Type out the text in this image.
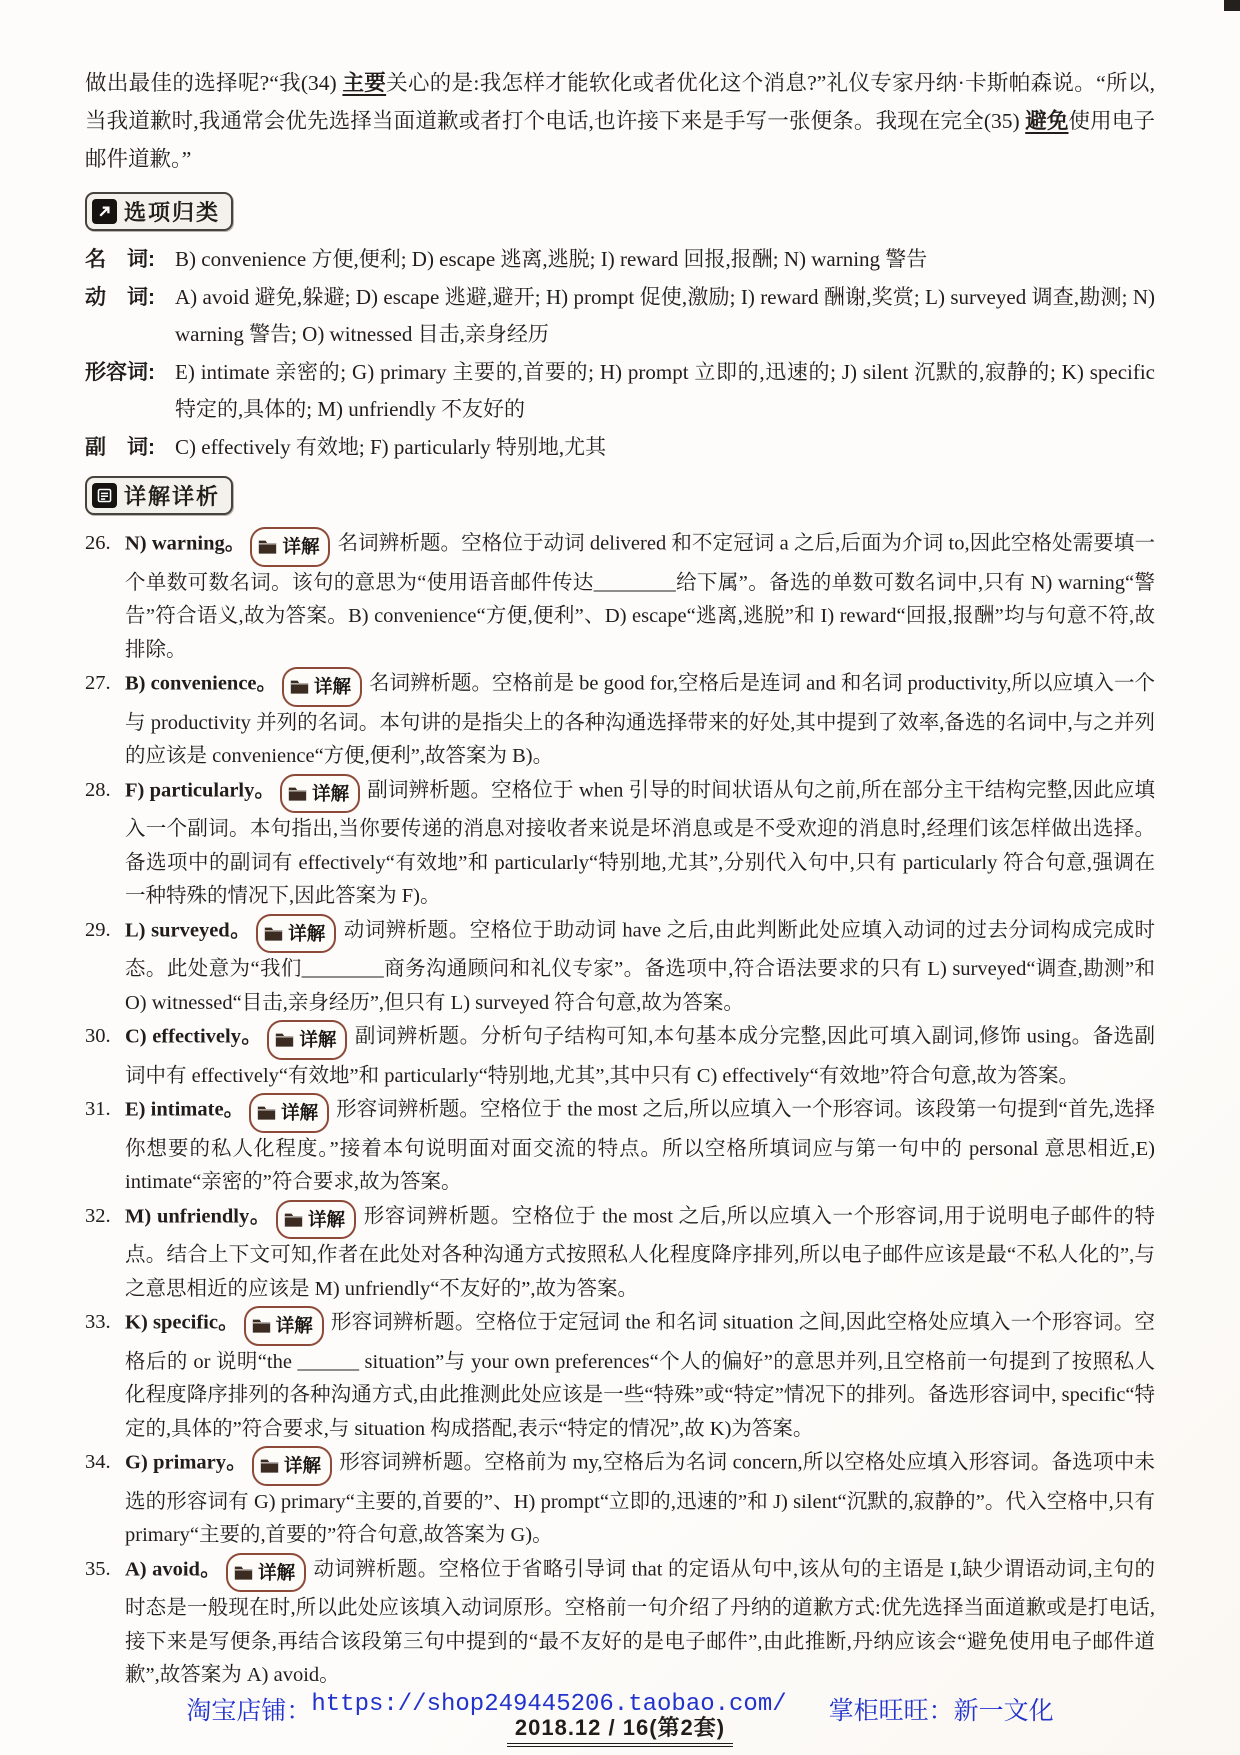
做出最佳的选择呢?“我(34) 主要关心的是:我怎样才能软化或者优化这个消息?”礼仪专家丹纳·卡斯帕森说。“所以,当我道歉时,我通常会优先选择当面道歉或者打个电话,也许接下来是手写一张便条。我现在完全(35) 避免使用电子邮件道歉。”

选项归类
名　词: B) convenience 方便,便利; D) escape 逃离,逃脱; I) reward 回报,报酬; N) warning 警告
动　词: A) avoid 避免,躲避; D) escape 逃避,避开; H) prompt 促使,激励; I) reward 酬谢,奖赏; L) surveyed 调查,勘测; N) warning 警告; O) witnessed 目击,亲身经历
形容词: E) intimate 亲密的; G) primary 主要的,首要的; H) prompt 立即的,迅速的; J) silent 沉默的,寂静的; K) specific 特定的,具体的; M) unfriendly 不友好的
副　词: C) effectively 有效地; F) particularly 特别地,尤其
详解详析
26. N) warning。 详解 名词辨析题。空格位于动词 delivered 和不定冠词 a 之后,后面为介词 to,因此空格处需要填一个单数可数名词。该句的意思为“使用语音邮件传达________给下属”。备选的单数可数名词中,只有 N) warning“警告”符合语义,故为答案。B) convenience“方便,便利”、D) escape“逃离,逃脱”和 I) reward“回报,报酬”均与句意不符,故排除。
27. B) convenience。 详解 名词辨析题。空格前是 be good for,空格后是连词 and 和名词 productivity,所以应填入一个与 productivity 并列的名词。本句讲的是指尖上的各种沟通选择带来的好处,其中提到了效率,备选的名词中,与之并列的应该是 convenience“方便,便利”,故答案为 B)。
28. F) particularly。 详解 副词辨析题。空格位于 when 引导的时间状语从句之前,所在部分主干结构完整,因此应填入一个副词。本句指出,当你要传递的消息对接收者来说是坏消息或是不受欢迎的消息时,经理们该怎样做出选择。备选项中的副词有 effectively“有效地”和 particularly“特别地,尤其”,分别代入句中,只有 particularly 符合句意,强调在一种特殊的情况下,因此答案为 F)。
29. L) surveyed。 详解 动词辨析题。空格位于助动词 have 之后,由此判断此处应填入动词的过去分词构成完成时态。此处意为“我们________商务沟通顾问和礼仪专家”。备选项中,符合语法要求的只有 L) surveyed“调查,勘测”和 O) witnessed“目击,亲身经历”,但只有 L) surveyed 符合句意,故为答案。
30. C) effectively。 详解 副词辨析题。分析句子结构可知,本句基本成分完整,因此可填入副词,修饰 using。备选副词中有 effectively“有效地”和 particularly“特别地,尤其”,其中只有 C) effectively“有效地”符合句意,故为答案。
31. E) intimate。 详解 形容词辨析题。空格位于 the most 之后,所以应填入一个形容词。该段第一句提到“首先,选择你想要的私人化程度。”接着本句说明面对面交流的特点。所以空格所填词应与第一句中的 personal 意思相近,E) intimate“亲密的”符合要求,故为答案。
32. M) unfriendly。 详解 形容词辨析题。空格位于 the most 之后,所以应填入一个形容词,用于说明电子邮件的特点。结合上下文可知,作者在此处对各种沟通方式按照私人化程度降序排列,所以电子邮件应该是最“不私人化的”,与之意思相近的应该是 M) unfriendly“不友好的”,故为答案。
33. K) specific。 详解 形容词辨析题。空格位于定冠词 the 和名词 situation 之间,因此空格处应填入一个形容词。空格后的 or 说明“the ______ situation”与 your own preferences“个人的偏好”的意思并列,且空格前一句提到了按照私人化程度降序排列的各种沟通方式,由此推测此处应该是一些“特殊”或“特定”情况下的排列。备选形容词中, specific“特定的,具体的”符合要求,与 situation 构成搭配,表示“特定的情况”,故 K)为答案。
34. G) primary。 详解 形容词辨析题。空格前为 my,空格后为名词 concern,所以空格处应填入形容词。备选项中未选的形容词有 G) primary“主要的,首要的”、H) prompt“立即的,迅速的”和 J) silent“沉默的,寂静的”。代入空格中,只有 primary“主要的,首要的”符合句意,故答案为 G)。
35. A) avoid。 详解 动词辨析题。空格位于省略引导词 that 的定语从句中,该从句的主语是 I,缺少谓语动词,主句的时态是一般现在时,所以此处应该填入动词原形。空格前一句介绍了丹纳的道歉方式:优先选择当面道歉或是打电话,接下来是写便条,再结合该段第三句中提到的“最不友好的是电子邮件”,由此推断,丹纳应该会“避免使用电子邮件道歉”,故答案为 A) avoid。
2018.12 / 16(第2套)
淘宝店铺： https://shop249445206.taobao.com/ 掌柜旺旺：新一文化
